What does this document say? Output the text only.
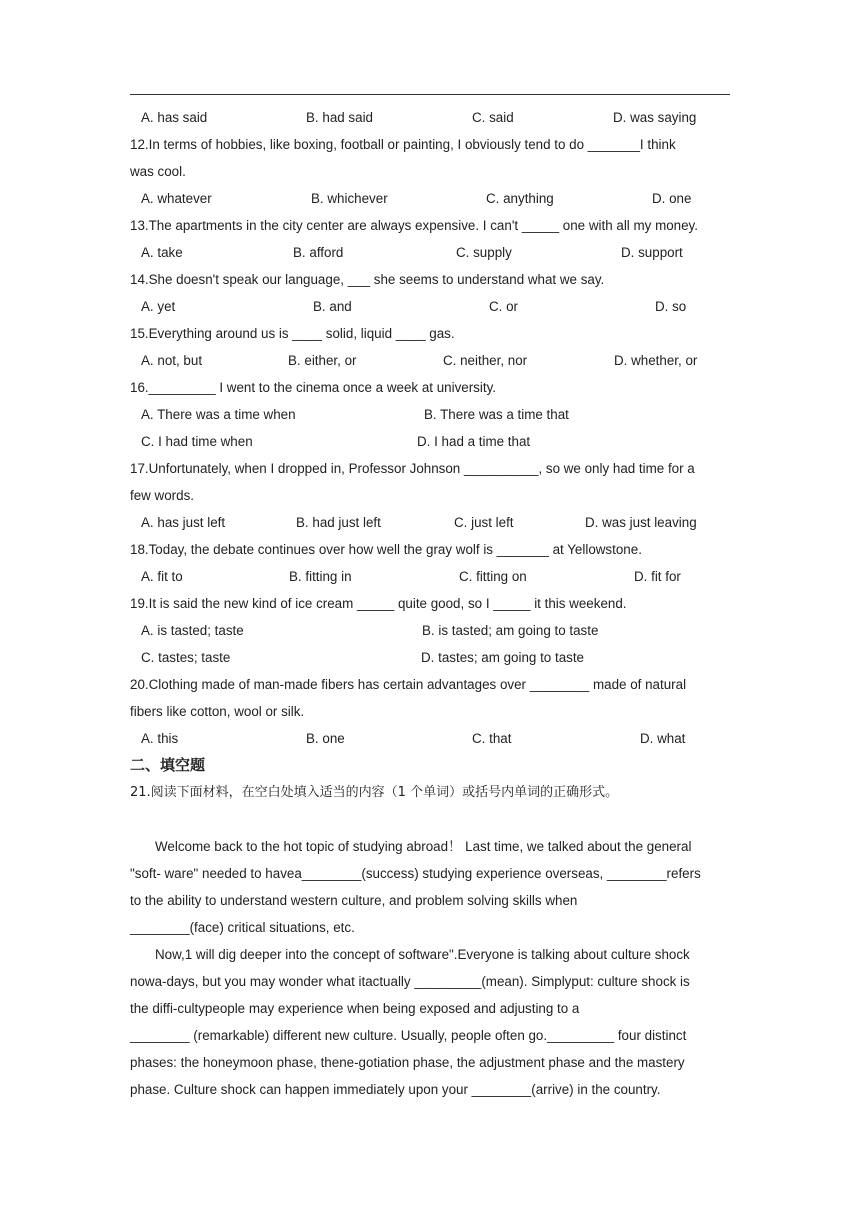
A. has said	B. had said	C. said	D. was saying
12.In terms of hobbies, like boxing, football or painting, I obviously tend to do _______I think
was cool.
A. whatever	B. whichever	C. anything	D. one
13.The apartments in the city center are always expensive. I can't _____ one with all my money.
A. take	B. afford	C. supply	D. support
14.She doesn't speak our language, ___ she seems to understand what we say.
A. yet	B. and	C. or	D. so
15.Everything around us is ____ solid, liquid ____ gas.
A. not, but	B. either, or	C. neither, nor	D. whether, or
16._________ I went to the cinema once a week at university.
A. There was a time when	B. There was a time that
C. I had time when	D. I had a time that
17.Unfortunately, when I dropped in, Professor Johnson __________, so we only had time for a
few words.
A. has just left	B. had just left	C. just left	D. was just leaving
18.Today, the debate continues over how well the gray wolf is _______ at Yellowstone.
A. fit to	B. fitting in	C. fitting on	D. fit for
19.It is said the new kind of ice cream _____ quite good, so I _____ it this weekend.
A. is tasted; taste	B. is tasted; am going to taste
C. tastes; taste	D. tastes; am going to taste
20.Clothing made of man-made fibers has certain advantages over ________ made of natural
fibers like cotton, wool or silk.
A. this	B. one	C. that	D. what
二、填空题
21.阅读下面材料，在空白处填入适当的内容（1 个单词）或括号内单词的正确形式。
Welcome back to the hot topic of studying abroad！ Last time, we talked about the general
"soft- ware" needed to havea________(success) studying experience overseas, ________refers
to the ability to understand western culture, and problem solving skills when
________(face) critical situations, etc.
Now,1 will dig deeper into the concept of software".Everyone is talking about culture shock
nowa-days, but you may wonder what itactually _________(mean). Simplyput: culture shock is
the diffi-cultypeople may experience when being exposed and adjusting to a
________ (remarkable) different new culture. Usually, people often go._________ four distinct
phases: the honeymoon phase, thene-gotiation phase, the adjustment phase and the mastery
phase. Culture shock can happen immediately upon your ________(arrive) in the country.
